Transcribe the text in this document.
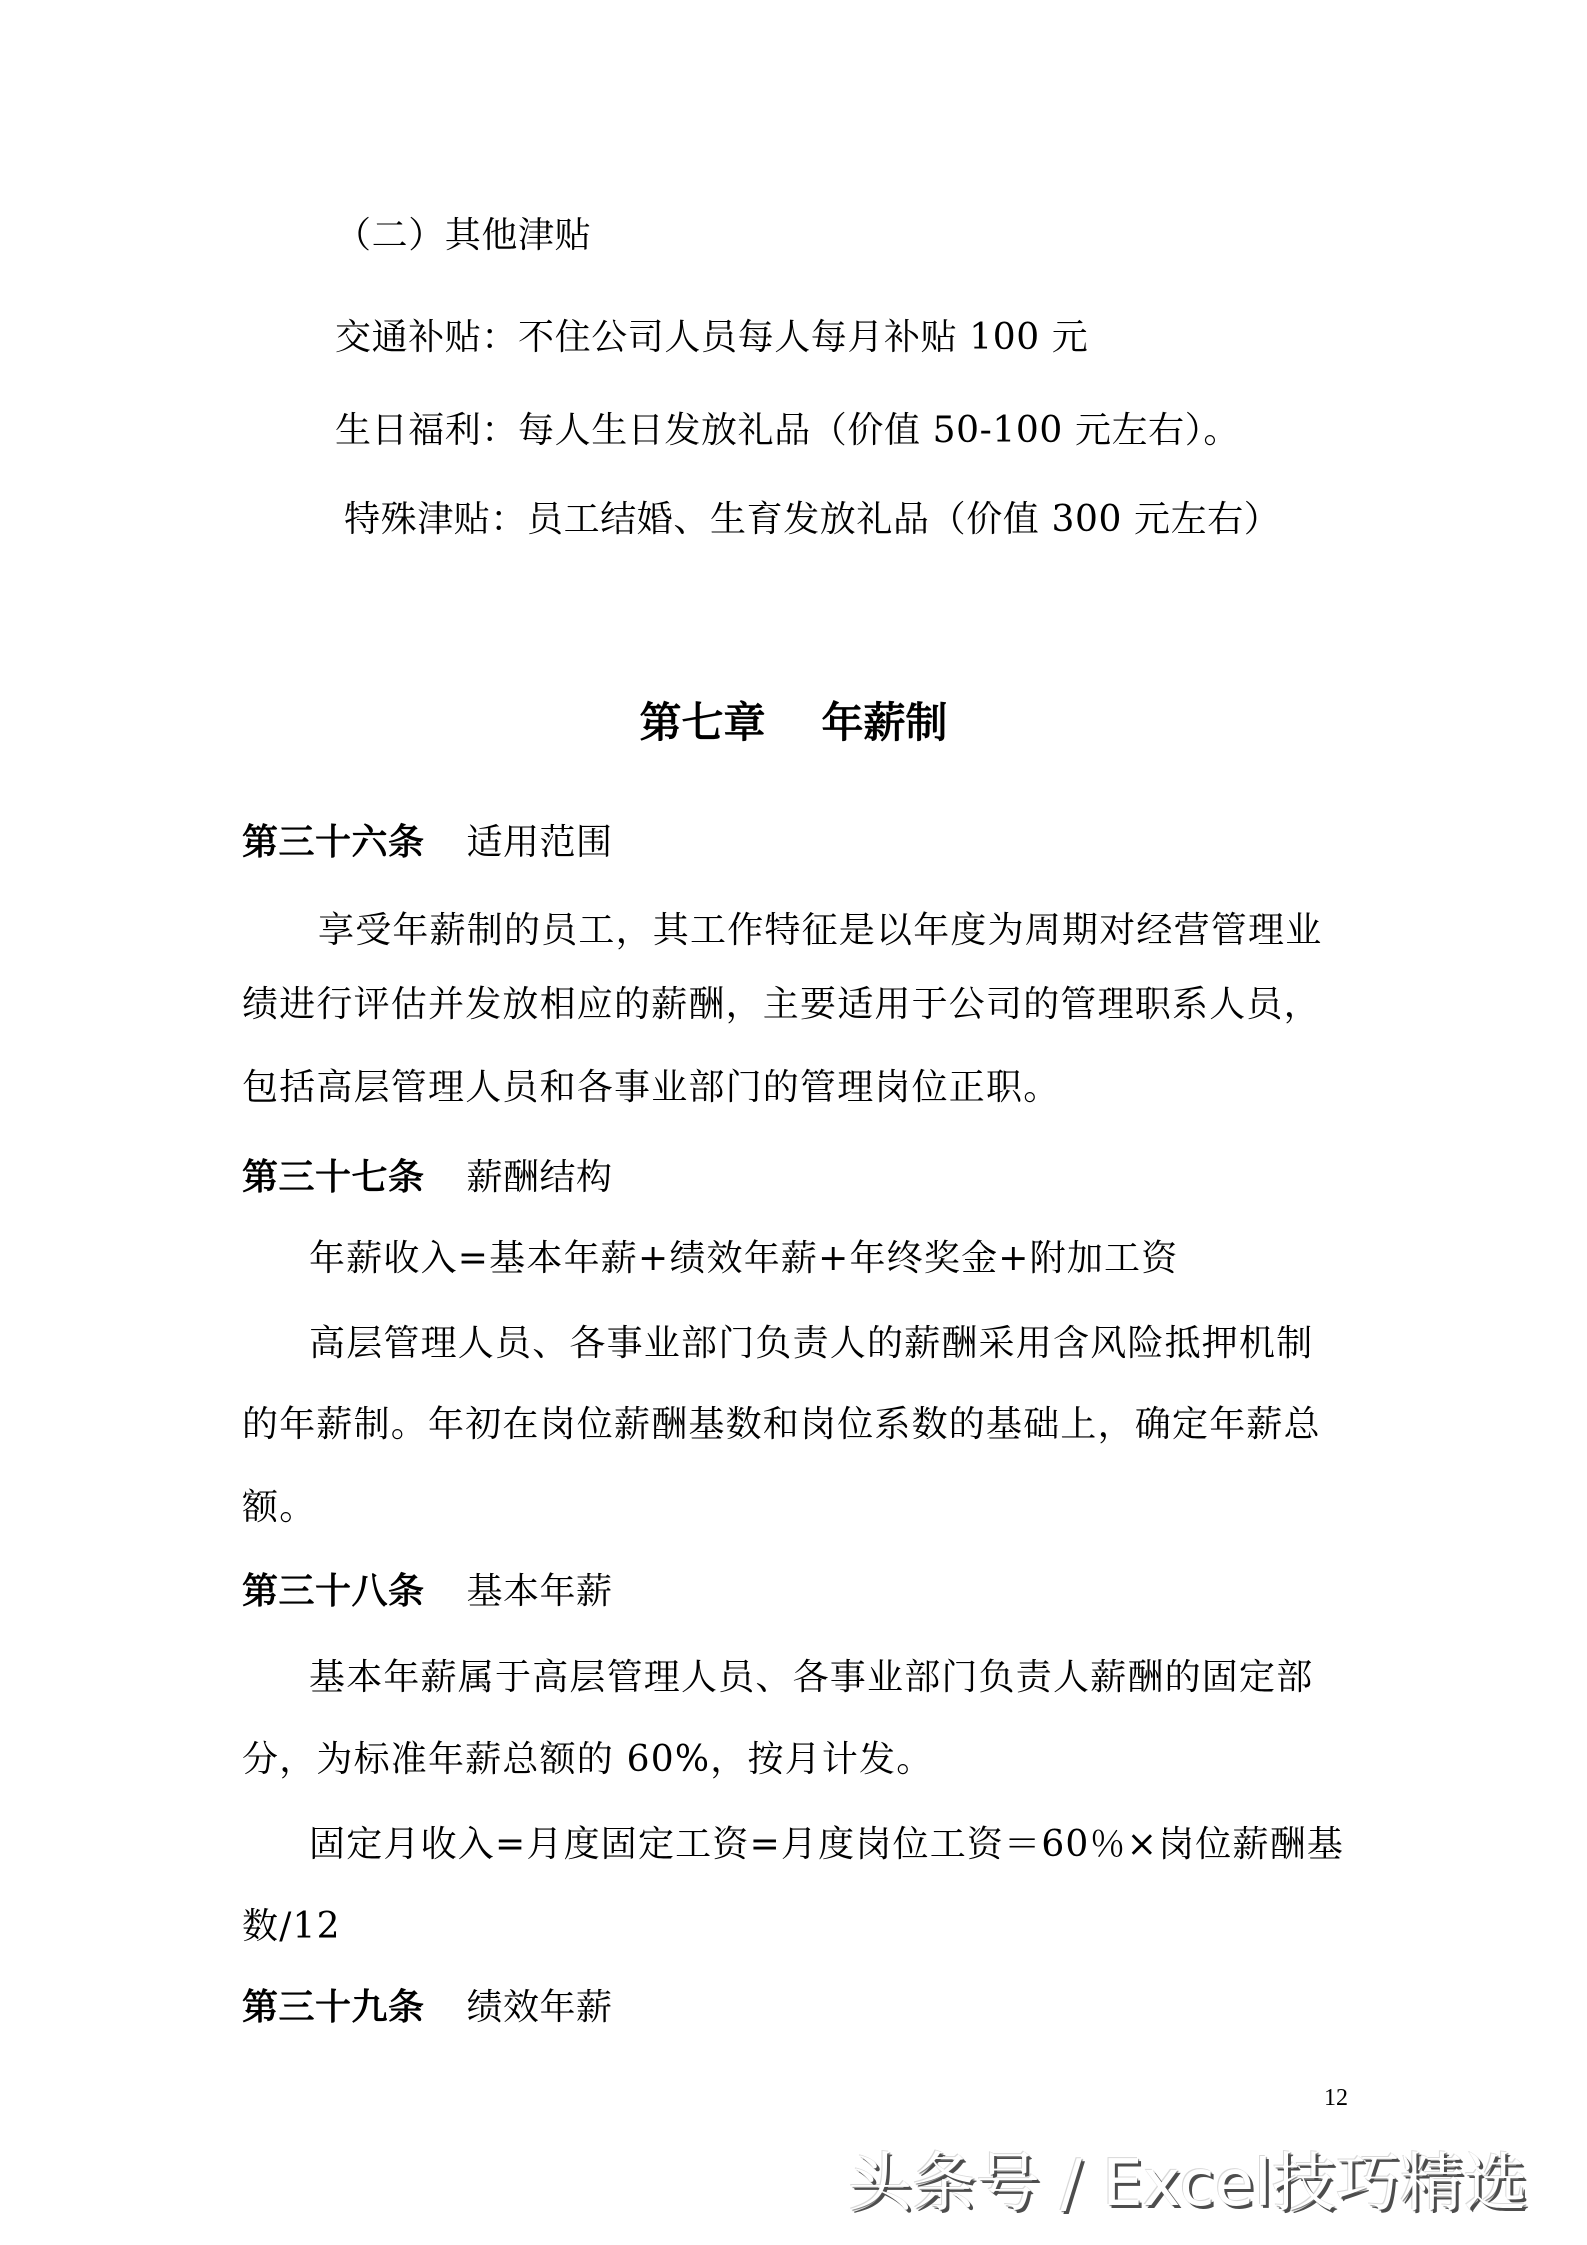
（二）其他津贴
交通补贴：不住公司人员每人每月补贴 100 元
生日福利：每人生日发放礼品（价值 50-100 元左右）。
特殊津贴：员工结婚、生育发放礼品（价值 300 元左右）
第七章 年薪制
第三十六条 适用范围
享受年薪制的员工，其工作特征是以年度为周期对经营管理业
绩进行评估并发放相应的薪酬，主要适用于公司的管理职系人员，
包括高层管理人员和各事业部门的管理岗位正职。
第三十七条 薪酬结构
年薪收入=基本年薪+绩效年薪+年终奖金+附加工资
高层管理人员、各事业部门负责人的薪酬采用含风险抵押机制
的年薪制。年初在岗位薪酬基数和岗位系数的基础上，确定年薪总
额。
第三十八条 基本年薪
基本年薪属于高层管理人员、各事业部门负责人薪酬的固定部
分，为标准年薪总额的 60%，按月计发。
固定月收入=月度固定工资=月度岗位工资＝60％×岗位薪酬基
数/12
第三十九条 绩效年薪
12
头条号 / Excel技巧精选
